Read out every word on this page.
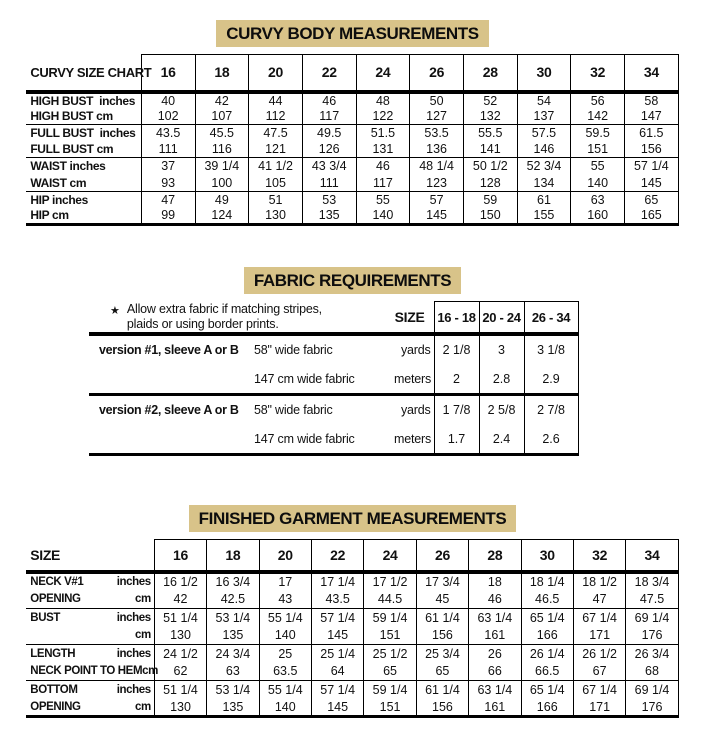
CURVY BODY MEASUREMENTS
CURVY SIZE CHART	16	18	20	22	24	26	28	30	32	34
HIGH BUST  inches	40	42	44	46	48	50	52	54	56	58
HIGH BUST cm	102	107	112	117	122	127	132	137	142	147
FULL BUST  inches	43.5	45.5	47.5	49.5	51.5	53.5	55.5	57.5	59.5	61.5
FULL BUST cm	111	116	121	126	131	136	141	146	151	156
WAIST inches	37	39 1/4	41 1/2	43 3/4	46	48 1/4	50 1/2	52 3/4	55	57 1/4
WAIST cm	93	100	105	111	117	123	128	134	140	145
HIP inches	47	49	51	53	55	57	59	61	63	65
HIP cm	99	124	130	135	140	145	150	155	160	165
FABRIC REQUIREMENTS
★ Allow extra fabric if matching stripes,
plaids or using border prints. SIZE			16 - 18	20 - 24	26 - 34
version #1, sleeve A or B	58" wide fabric	yards	2 1/8	3	3 1/8
	147 cm wide fabric	meters	2	2.8	2.9
version #2, sleeve A or B	58" wide fabric	yards	1 7/8	2 5/8	2 7/8
	147 cm wide fabric	meters	1.7	2.4	2.6
FINISHED GARMENT MEASUREMENTS
SIZE	16	18	20	22	24	26	28	30	32	34

NECK V#1 inches	16 1/2	16 3/4	17	17 1/4	17 1/2	17 3/4	18	18 1/4	18 1/2	18 3/4

OPENING cm	42	42.5	43	43.5	44.5	45	46	46.5	47	47.5

BUST inches	51 1/4	53 1/4	55 1/4	57 1/4	59 1/4	61 1/4	63 1/4	65 1/4	67 1/4	69 1/4

cm	130	135	140	145	151	156	161	166	171	176

LENGTH inches	24 1/2	24 3/4	25	25 1/4	25 1/2	25 3/4	26	26 1/4	26 1/2	26 3/4

NECK POINT TO HEM cm	62	63	63.5	64	65	65	66	66.5	67	68

BOTTOM inches	51 1/4	53 1/4	55 1/4	57 1/4	59 1/4	61 1/4	63 1/4	65 1/4	67 1/4	69 1/4

OPENING cm	130	135	140	145	151	156	161	166	171	176
